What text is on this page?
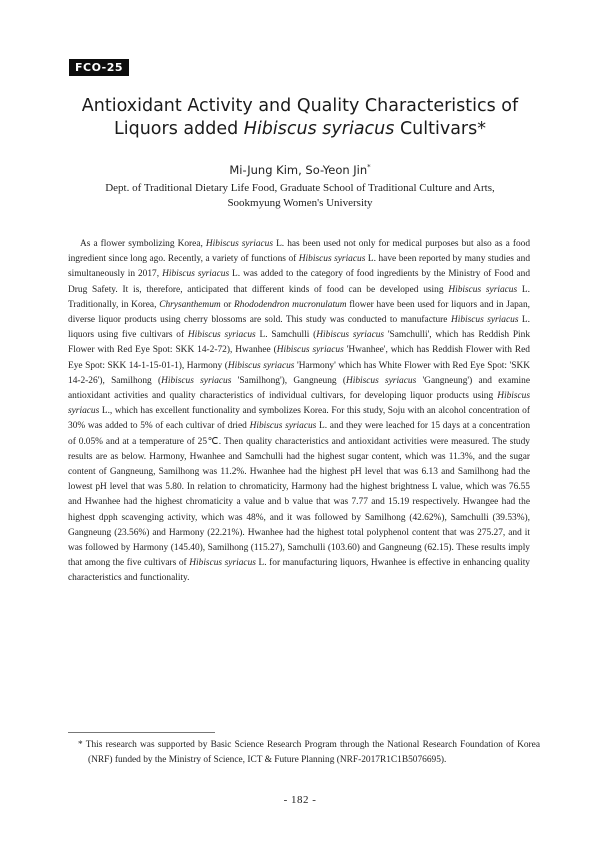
FCO-25
Antioxidant Activity and Quality Characteristics of
Liquors added Hibiscus syriacus Cultivars*
Mi-Jung Kim, So-Yeon Jin*
Dept. of Traditional Dietary Life Food, Graduate School of Traditional Culture and Arts,
Sookmyung Women's University

As a flower symbolizing Korea, Hibiscus syriacus L. has been used not only for medical purposes but also as a food ingredient since long ago. Recently, a variety of functions of Hibiscus syriacus L. have been reported by many studies and simultaneously in 2017, Hibiscus syriacus L. was added to the category of food ingredients by the Ministry of Food and Drug Safety. It is, therefore, anticipated that different kinds of food can be developed using Hibiscus syriacus L. Traditionally, in Korea, Chrysanthemum or Rhododendron mucronulatum flower have been used for liquors and in Japan, diverse liquor products using cherry blossoms are sold. This study was conducted to manufacture Hibiscus syriacus L. liquors using five cultivars of Hibiscus syriacus L. Samchulli (Hibiscus syriacus 'Samchulli', which has Reddish Pink Flower with Red Eye Spot: SKK 14-2-72), Hwanhee (Hibiscus syriacus 'Hwanhee', which has Reddish Flower with Red Eye Spot: SKK 14-1-15-01-1), Harmony (Hibiscus syriacus 'Harmony' which has White Flower with Red Eye Spot: 'SKK 14-2-26'), Samilhong (Hibiscus syriacus 'Samilhong'), Gangneung (Hibiscus syriacus 'Gangneung') and examine antioxidant activities and quality characteristics of individual cultivars, for developing liquor products using Hibiscus syriacus L., which has excellent functionality and symbolizes Korea. For this study, Soju with an alcohol concentration of 30% was added to 5% of each cultivar of dried Hibiscus syriacus L. and they were leached for 15 days at a concentration of 0.05% and at a temperature of 25℃. Then quality characteristics and antioxidant activities were measured. The study results are as below. Harmony, Hwanhee and Samchulli had the highest sugar content, which was 11.3%, and the sugar content of Gangneung, Samilhong was 11.2%. Hwanhee had the highest pH level that was 6.13 and Samilhong had the lowest pH level that was 5.80. In relation to chromaticity, Harmony had the highest brightness L value, which was 76.55 and Hwanhee had the highest chromaticity a value and b value that was 7.77 and 15.19 respectively. Hwangee had the highest dpph scavenging activity, which was 48%, and it was followed by Samilhong (42.62%), Samchulli (39.53%), Gangneung (23.56%) and Harmony (22.21%). Hwanhee had the highest total polyphenol content that was 275.27, and it was followed by Harmony (145.40), Samilhong (115.27), Samchulli (103.60) and Gangneung (62.15). These results imply that among the five cultivars of Hibiscus syriacus L. for manufacturing liquors, Hwanhee is effective in enhancing quality characteristics and functionality.

* This research was supported by Basic Science Research Program through the National Research Foundation of Korea (NRF) funded by the Ministry of Science, ICT & Future Planning (NRF-2017R1C1B5076695).
- 182 -
